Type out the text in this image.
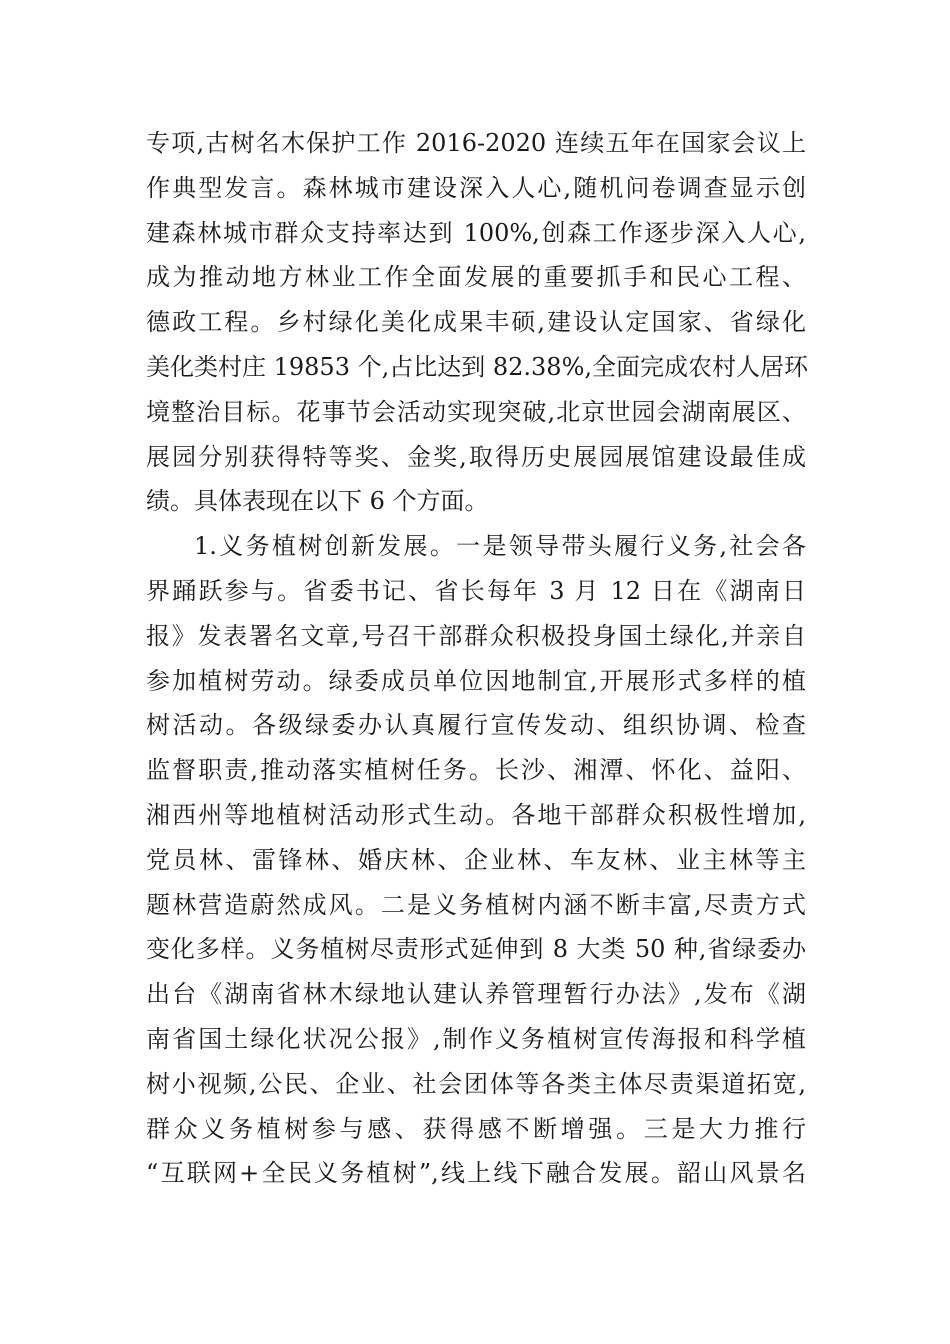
专项,古树名木保护工作 2016-2020 连续五年在国家会议上
作典型发言。森林城市建设深入人心,随机问卷调查显示创
建森林城市群众支持率达到 100%,创森工作逐步深入人心,
成为推动地方林业工作全面发展的重要抓手和民心工程、
德政工程。乡村绿化美化成果丰硕,建设认定国家、省绿化
美化类村庄 19853 个,占比达到 82.38%,全面完成农村人居环
境整治目标。花事节会活动实现突破,北京世园会湖南展区、
展园分别获得特等奖、金奖,取得历史展园展馆建设最佳成
绩。具体表现在以下 6 个方面。
1.义务植树创新发展。一是领导带头履行义务,社会各
界踊跃参与。省委书记、省长每年 3 月 12 日在《湖南日
报》发表署名文章,号召干部群众积极投身国土绿化,并亲自
参加植树劳动。绿委成员单位因地制宜,开展形式多样的植
树活动。各级绿委办认真履行宣传发动、组织协调、检查
监督职责,推动落实植树任务。长沙、湘潭、怀化、益阳、
湘西州等地植树活动形式生动。各地干部群众积极性增加,
党员林、雷锋林、婚庆林、企业林、车友林、业主林等主
题林营造蔚然成风。二是义务植树内涵不断丰富,尽责方式
变化多样。义务植树尽责形式延伸到 8 大类 50 种,省绿委办
出台《湖南省林木绿地认建认养管理暂行办法》,发布《湖
南省国土绿化状况公报》,制作义务植树宣传海报和科学植
树小视频,公民、企业、社会团体等各类主体尽责渠道拓宽,
群众义务植树参与感、获得感不断增强。三是大力推行
“互联网+全民义务植树”,线上线下融合发展。韶山风景名
